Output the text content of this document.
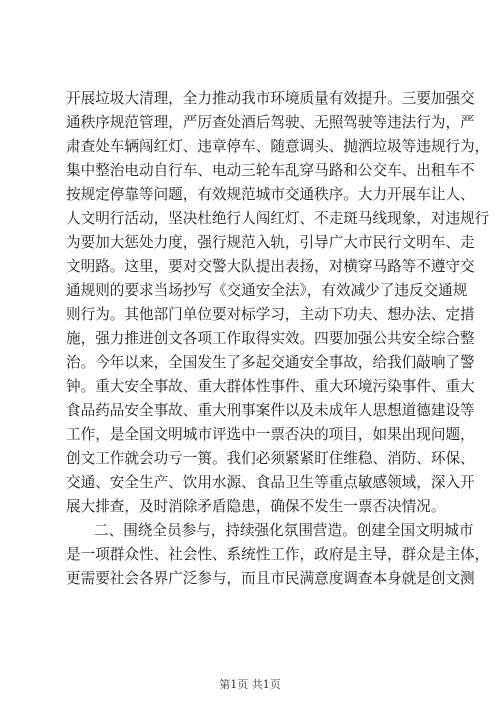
开展垃圾大清理，全力推动我市环境质量有效提升。三要加强交
通秩序规范管理，严厉查处酒后驾驶、无照驾驶等违法行为，严
肃查处车辆闯红灯、违章停车、随意调头、抛洒垃圾等违规行为，
集中整治电动自行车、电动三轮车乱穿马路和公交车、出租车不
按规定停靠等问题，有效规范城市交通秩序。大力开展车让人、
人文明行活动，坚决杜绝行人闯红灯、不走斑马线现象，对违规行
为要加大惩处力度，强行规范入轨，引导广大市民行文明车、走
文明路。这里，要对交警大队提出表扬，对横穿马路等不遵守交
通规则的要求当场抄写《交通安全法》，有效减少了违反交通规
则行为。其他部门单位要对标学习，主动下功夫、想办法、定措
施，强力推进创文各项工作取得实效。四要加强公共安全综合整
治。今年以来，全国发生了多起交通安全事故，给我们敲响了警
钟。重大安全事故、重大群体性事件、重大环境污染事件、重大
食品药品安全事故、重大刑事案件以及未成年人思想道德建设等
工作，是全国文明城市评选中一票否决的项目，如果出现问题，
创文工作就会功亏一篑。我们必须紧紧盯住维稳、消防、环保、
交通、安全生产、饮用水源、食品卫生等重点敏感领域，深入开
展大排查，及时消除矛盾隐患，确保不发生一票否决情况。
二、围绕全员参与，持续强化氛围营造。创建全国文明城市
是一项群众性、社会性、系统性工作，政府是主导，群众是主体，
更需要社会各界广泛参与，而且市民满意度调查本身就是创文测
第1页 共1页
